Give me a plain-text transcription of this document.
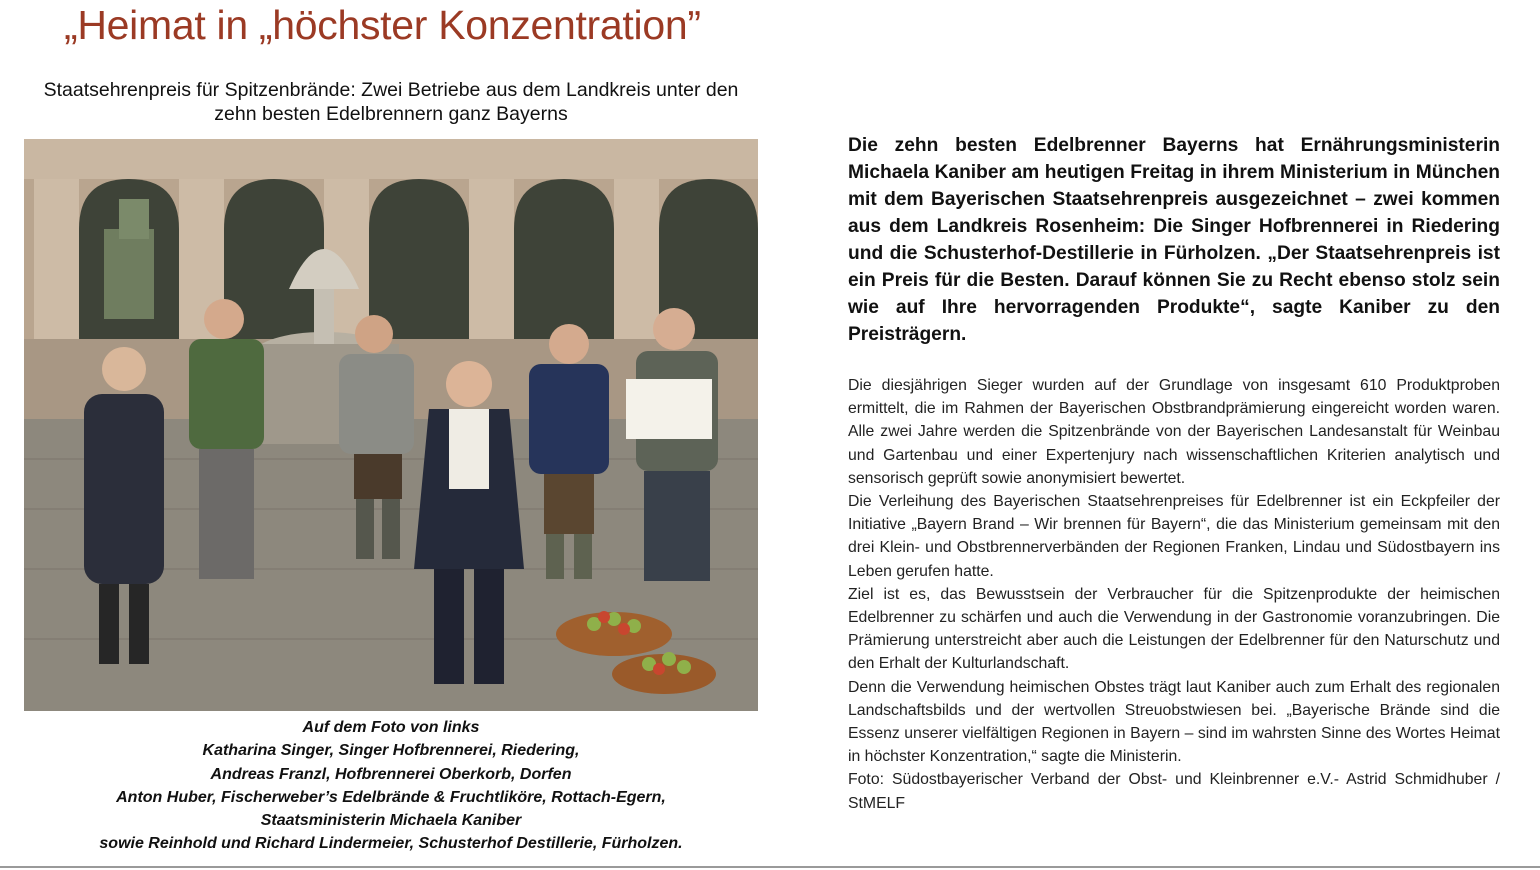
„Heimat in „höchster Konzentration”
Staatsehrenpreis für Spitzenbrände: Zwei Betriebe aus dem Landkreis unter den zehn besten Edelbrennern ganz Bayerns
Auf dem Foto von links
Katharina Singer, Singer Hofbrennerei, Riedering,
Andreas Franzl, Hofbrennerei Oberkorb, Dorfen
Anton Huber, Fischerweber’s Edelbrände & Fruchtliköre, Rottach-Egern,
Staatsministerin Michaela Kaniber
sowie Reinhold und Richard Lindermeier, Schusterhof Destillerie, Fürholzen.
Die zehn besten Edelbrenner Bayerns hat Ernährungsministerin Michaela Kaniber am heutigen Freitag in ihrem Ministerium in München mit dem Bayerischen Staatsehrenpreis ausgezeichnet – zwei kommen aus dem Landkreis Rosenheim: Die Singer Hofbrennerei in Riedering und die Schusterhof-Destillerie in Fürholzen. „Der Staatsehrenpreis ist ein Preis für die Besten. Darauf können Sie zu Recht ebenso stolz sein wie auf Ihre hervorragenden Produkte“, sagte Kaniber zu den Preisträgern.

Die diesjährigen Sieger wurden auf der Grundlage von insgesamt 610 Produktproben ermittelt, die im Rahmen der Bayerischen Obstbrandprämierung eingereicht worden waren. Alle zwei Jahre werden die Spitzenbrände von der Bayerischen Landesanstalt für Weinbau und Gartenbau und einer Expertenjury nach wissenschaftlichen Kriterien analytisch und sensorisch geprüft sowie anonymisiert bewertet.

Die Verleihung des Bayerischen Staatsehrenpreises für Edelbrenner ist ein Eckpfeiler der Initiative „Bayern Brand – Wir brennen für Bayern“, die das Ministerium gemeinsam mit den drei Klein- und Obstbrennerverbänden der Regionen Franken, Lindau und Südostbayern ins Leben gerufen hatte.

Ziel ist es, das Bewusstsein der Verbraucher für die Spitzenprodukte der heimischen Edelbrenner zu schärfen und auch die Verwendung in der Gastronomie voranzubringen. Die Prämierung unterstreicht aber auch die Leistungen der Edelbrenner für den Naturschutz und den Erhalt der Kulturlandschaft.

Denn die Verwendung heimischen Obstes trägt laut Kaniber auch zum Erhalt des regionalen Landschaftsbilds und der wertvollen Streuobstwiesen bei. „Bayerische Brände sind die Essenz unserer vielfältigen Regionen in Bayern – sind im wahrsten Sinne des Wortes Heimat in höchster Konzentration,“ sagte die Ministerin.

Foto: Südostbayerischer Verband der Obst- und Kleinbrenner e.V.- Astrid Schmidhuber / StMELF
